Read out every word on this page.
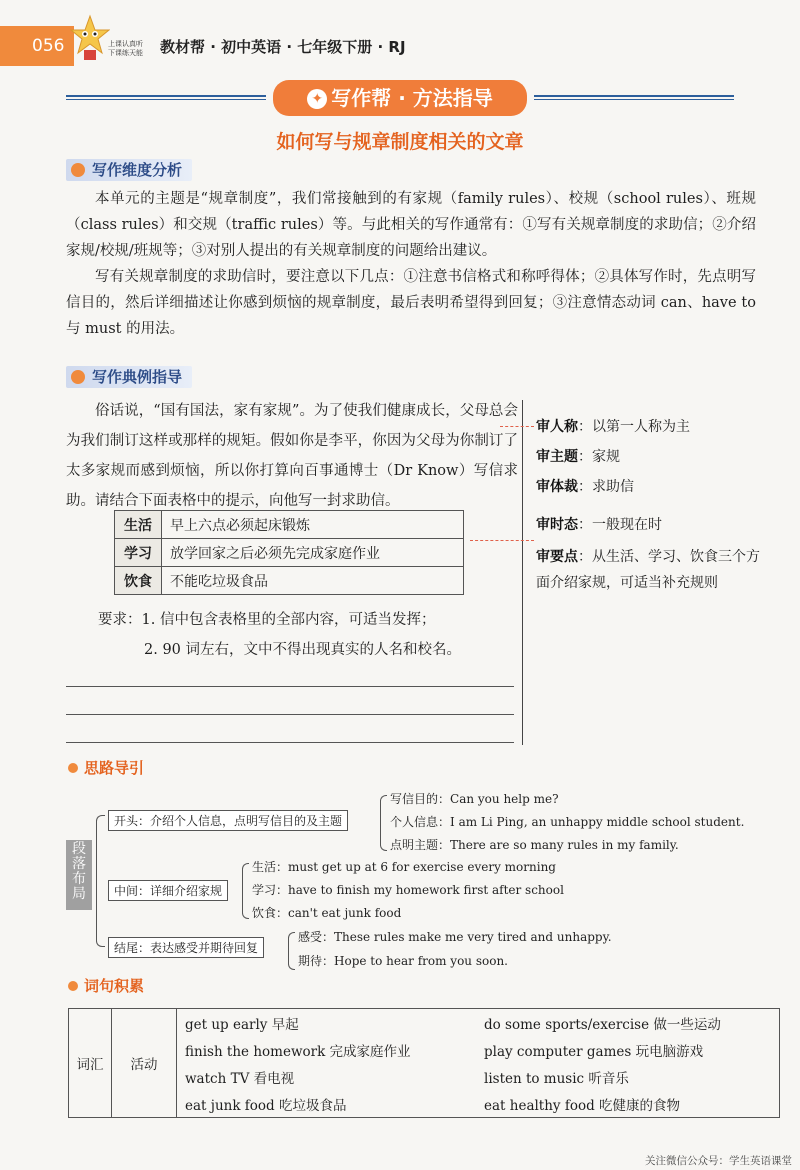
056	上课认真听
下课练天能 教材帮 · 初中英语 · 七年级下册 · RJ
✦ 写作帮 · 方法指导
如何写与规章制度相关的文章
写作维度分析

本单元的主题是“规章制度”，我们常接触到的有家规（family rules）、校规（school rules）、班规（class rules）和交规（traffic rules）等。与此相关的写作通常有：①写有关规章制度的求助信；②介绍家规/校规/班规等；③对别人提出的有关规章制度的问题给出建议。

写有关规章制度的求助信时，要注意以下几点：①注意书信格式和称呼得体；②具体写作时，先点明写信目的，然后详细描述让你感到烦恼的规章制度，最后表明希望得到回复；③注意情态动词 can、have to 与 must 的用法。

写作典例指导
俗话说，“国有国法，家有家规”。为了使我们健康成长，父母总会为我们制订这样或那样的规矩。假如你是李平，你因为父母为你制订了太多家规而感到烦恼，所以你打算向百事通博士（Dr Know）写信求助。请结合下面表格中的提示，向他写一封求助信。
生活	早上六点必须起床锻炼
学习	放学回家之后必须先完成家庭作业
饮食	不能吃垃圾食品
要求：1. 信中包含表格里的全部内容，可适当发挥；
2. 90 词左右，文中不得出现真实的人名和校名。
审人称：以第一人称为主
审主题：家规
审体裁：求助信
审时态：一般现在时
审要点：从生活、学习、饮食三个方面介绍家规，可适当补充规则
思路导引
段落布局
开头：介绍个人信息，点明写信目的及主题
写信目的：Can you help me?
个人信息：I am Li Ping, an unhappy middle school student.
点明主题：There are so many rules in my family.
中间：详细介绍家规
生活：must get up at 6 for exercise every morning
学习：have to finish my homework first after school
饮食：can't eat junk food
结尾：表达感受并期待回复
感受：These rules make me very tired and unhappy.
期待：Hope to hear from you soon.
词句积累
词汇	活动	get up early 早起	do some sports/exercise 做一些运动
		finish the homework 完成家庭作业	play computer games 玩电脑游戏
		watch TV 看电视	listen to music 听音乐
		eat junk food 吃垃圾食品	eat healthy food 吃健康的食物
关注微信公众号：学生英语课堂
